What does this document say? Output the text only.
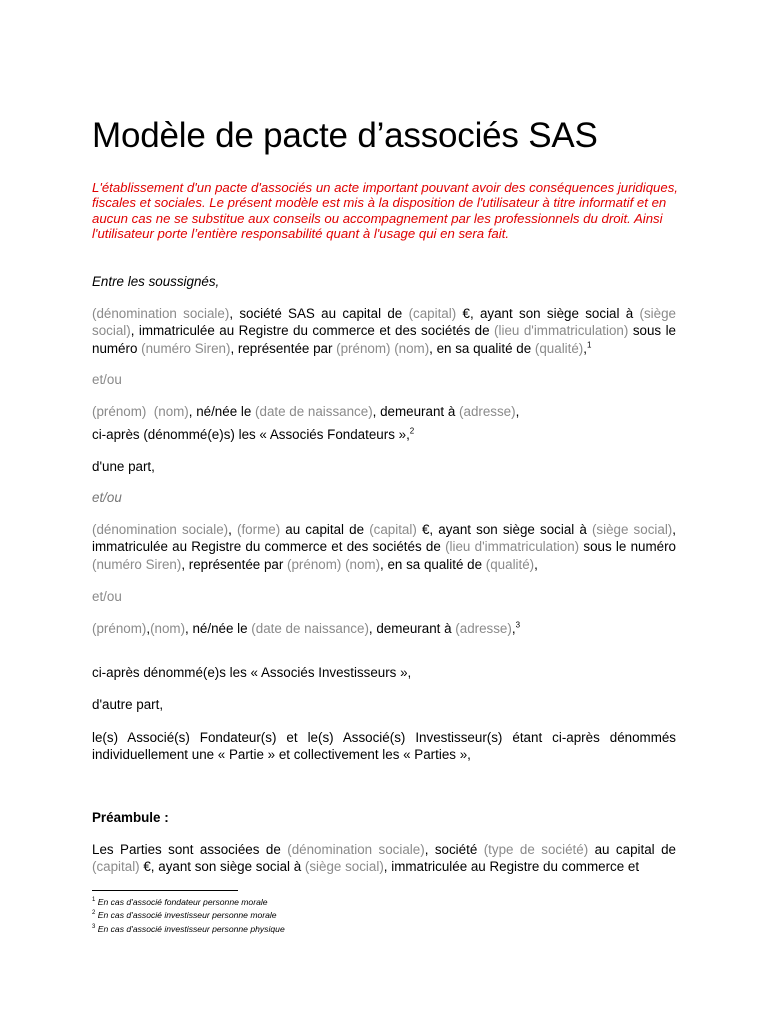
Modèle de pacte d’associés SAS

L'établissement d'un pacte d'associés un acte important pouvant avoir des conséquences juridiques, fiscales et sociales. Le présent modèle est mis à la disposition de l'utilisateur à titre informatif et en aucun cas ne se substitue aux conseils ou accompagnement par les professionnels du droit. Ainsi l'utilisateur porte l’entière responsabilité quant à l'usage qui en sera fait.

Entre les soussignés,

(dénomination sociale), société SAS au capital de (capital) €, ayant son siège social à (siège social), immatriculée au Registre du commerce et des sociétés de (lieu d'immatriculation) sous le numéro (numéro Siren), représentée par (prénom) (nom), en sa qualité de (qualité),$^1$

et/ou

(prénom) (nom), né/née le (date de naissance), demeurant à (adresse),

ci-après (dénommé(e)s) les « Associés Fondateurs »,$^2$

d'une part,

et/ou

(dénomination sociale), (forme) au capital de (capital) €, ayant son siège social à (siège social), immatriculée au Registre du commerce et des sociétés de (lieu d'immatriculation) sous le numéro (numéro Siren), représentée par (prénom) (nom), en sa qualité de (qualité),

et/ou

(prénom),(nom), né/née le (date de naissance), demeurant à (adresse),$^3$

ci-après dénommé(e)s les « Associés Investisseurs »,

d'autre part,

le(s) Associé(s) Fondateur(s) et le(s) Associé(s) Investisseur(s) étant ci-après dénommés individuellement une « Partie » et collectivement les « Parties »,

Préambule :

Les Parties sont associées de (dénomination sociale), société (type de société) au capital de (capital) €, ayant son siège social à (siège social), immatriculée au Registre du commerce et

$^1$ En cas d'associé fondateur personne morale

$^2$ En cas d'associé investisseur personne morale

$^3$ En cas d'associé investisseur personne physique
